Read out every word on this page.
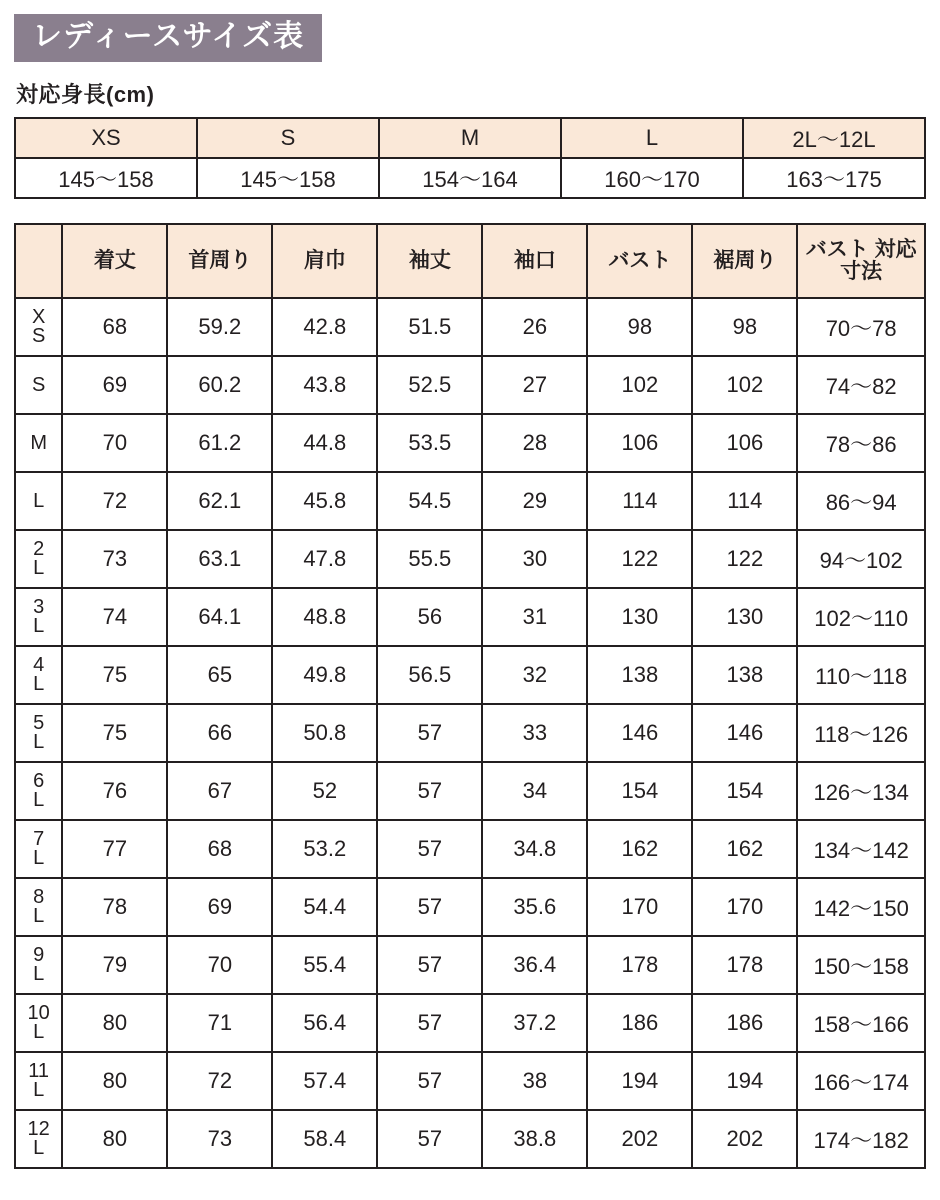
レディースサイズ表
対応身長(cm)
XS	S	M	L	2L〜12L
145〜158	145〜158	154〜164	160〜170	163〜175
	着丈	首周り	肩巾	袖丈	袖口	バスト	裾周り	バスト 対応寸法

X
S	68	59.2	42.8	51.5	26	98	98	70〜78

S	69	60.2	43.8	52.5	27	102	102	74〜82

M	70	61.2	44.8	53.5	28	106	106	78〜86

L	72	62.1	45.8	54.5	29	114	114	86〜94

2
L	73	63.1	47.8	55.5	30	122	122	94〜102

3
L	74	64.1	48.8	56	31	130	130	102〜110

4
L	75	65	49.8	56.5	32	138	138	110〜118

5
L	75	66	50.8	57	33	146	146	118〜126

6
L	76	67	52	57	34	154	154	126〜134

7
L	77	68	53.2	57	34.8	162	162	134〜142

8
L	78	69	54.4	57	35.6	170	170	142〜150

9
L	79	70	55.4	57	36.4	178	178	150〜158

10
L	80	71	56.4	57	37.2	186	186	158〜166

11
L	80	72	57.4	57	38	194	194	166〜174

12
L	80	73	58.4	57	38.8	202	202	174〜182
